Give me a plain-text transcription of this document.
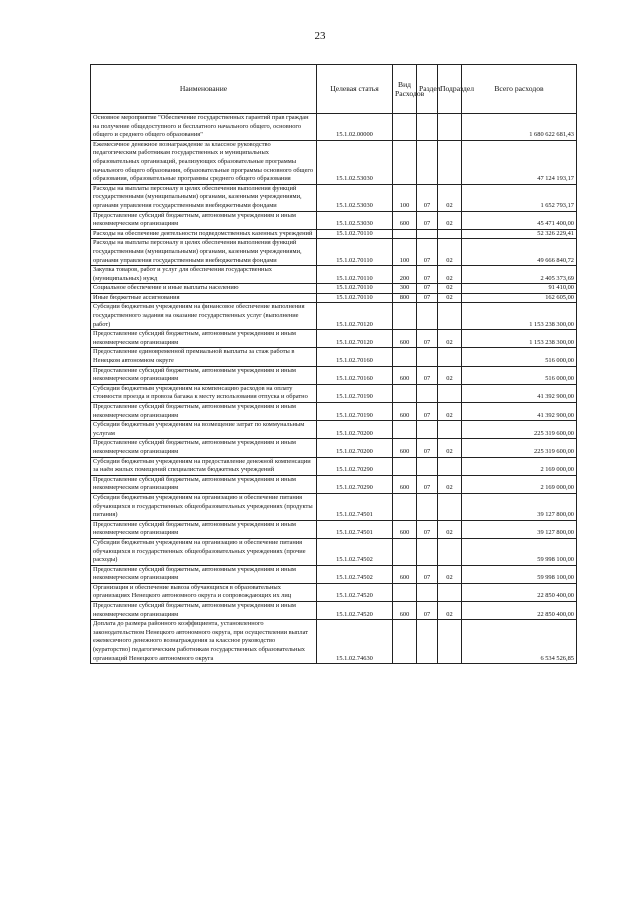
23
Наименование	Целевая статья	Вид Расходов	Раздел	Подраздел	Всего расходов
Основное мероприятие "Обеспечение государственных гарантий прав граждан на получение общедоступного и бесплатного начального общего, основного общего и среднего общего образования"	15.1.02.00000				1 680 622 681,43
Ежемесячное денежное вознаграждение за классное руководство педагогическим работникам государственных и муниципальных образовательных организаций, реализующих образовательные программы начального общего образования, образовательные программы основного общего образования, образовательные программы среднего общего образования	15.1.02.53030				47 124 193,17
Расходы на выплаты персоналу в целях обеспечения выполнения функций государственными (муниципальными) органами, казенными учреждениями, органами управления государственными внебюджетными фондами	15.1.02.53030	100	07	02	1 652 793,17
Предоставление субсидий бюджетным, автономным учреждениям и иным некоммерческим организациям	15.1.02.53030	600	07	02	45 471 400,00
Расходы на обеспечение деятельности подведомственных казенных учреждений	15.1.02.70110				52 326 229,41
Расходы на выплаты персоналу в целях обеспечения выполнения функций государственными (муниципальными) органами, казенными учреждениями, органами управления государственными внебюджетными фондами	15.1.02.70110	100	07	02	49 666 840,72
Закупка товаров, работ и услуг для обеспечения государственных (муниципальных) нужд	15.1.02.70110	200	07	02	2 405 373,69
Социальное обеспечение и иные выплаты населению	15.1.02.70110	300	07	02	91 410,00
Иные бюджетные ассигнования	15.1.02.70110	800	07	02	162 605,00
Субсидии бюджетным учреждениям на финансовое обеспечение выполнения государственного задания на оказание государственных услуг (выполнение работ)	15.1.02.70120				1 153 238 300,00
Предоставление субсидий бюджетным, автономным учреждениям и иным некоммерческим организациям	15.1.02.70120	600	07	02	1 153 238 300,00
Предоставление единовременной премиальной выплаты за стаж работы в Ненецком автономном округе	15.1.02.70160				516 000,00
Предоставление субсидий бюджетным, автономным учреждениям и иным некоммерческим организациям	15.1.02.70160	600	07	02	516 000,00
Субсидии бюджетным учреждениям на компенсацию расходов на оплату стоимости проезда и провоза багажа к месту использования отпуска и обратно	15.1.02.70190				41 392 900,00
Предоставление субсидий бюджетным, автономным учреждениям и иным некоммерческим организациям	15.1.02.70190	600	07	02	41 392 900,00
Субсидии бюджетным учреждениям на возмещение затрат по коммунальным услугам	15.1.02.70200				225 319 600,00
Предоставление субсидий бюджетным, автономным учреждениям и иным некоммерческим организациям	15.1.02.70200	600	07	02	225 319 600,00
Субсидии бюджетным учреждениям на предоставление денежной компенсации за наём жилых помещений специалистам бюджетных учреждений	15.1.02.70290				2 169 000,00
Предоставление субсидий бюджетным, автономным учреждениям и иным некоммерческим организациям	15.1.02.70290	600	07	02	2 169 000,00
Субсидии бюджетным учреждениям на организацию и обеспечение питания обучающихся в государственных общеобразовательных учреждениях (продукты питания)	15.1.02.74501				39 127 800,00
Предоставление субсидий бюджетным, автономным учреждениям и иным некоммерческим организациям	15.1.02.74501	600	07	02	39 127 800,00
Субсидии бюджетным учреждениям на организацию и обеспечение питания обучающихся в государственных общеобразовательных учреждениях (прочие расходы)	15.1.02.74502				59 998 100,00
Предоставление субсидий бюджетным, автономным учреждениям и иным некоммерческим организациям	15.1.02.74502	600	07	02	59 998 100,00
Организация и обеспечение вывоза обучающихся в образовательных организациях Ненецкого автономного округа и сопровождающих их лиц	15.1.02.74520				22 850 400,00
Предоставление субсидий бюджетным, автономным учреждениям и иным некоммерческим организациям	15.1.02.74520	600	07	02	22 850 400,00
Доплата до размера районного коэффициента, установленного законодательством Ненецкого автономного округа, при осуществлении выплат ежемесячного денежного вознаграждения за классное руководство (кураторство) педагогическим работникам государственных образовательных организаций Ненецкого автономного округа	15.1.02.74630				6 534 526,85
